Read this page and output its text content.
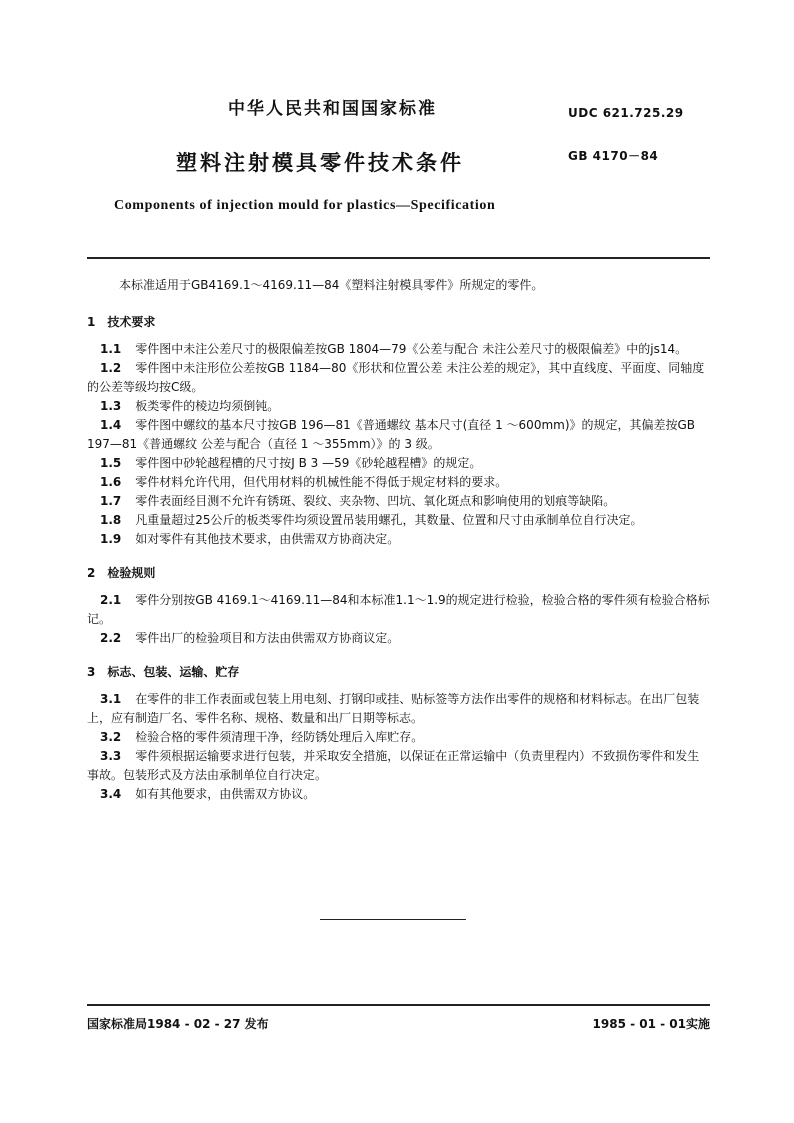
中华人民共和国国家标准	UDC 621.725.29
塑料注射模具零件技术条件	GB 4170－84
Components of injection mould for plastics—Specification

本标准适用于GB4169.1～4169.11—84《塑料注射模具零件》所规定的零件。

1　技术要求

1.1 零件图中未注公差尺寸的极限偏差按GB 1804—79《公差与配合 未注公差尺寸的极限偏差》中的js14。

1.2 零件图中未注形位公差按GB 1184—80《形状和位置公差 未注公差的规定》，其中直线度、平面度、同轴度的公差等级均按C级。

1.3 板类零件的棱边均须倒钝。

1.4 零件图中螺纹的基本尺寸按GB 196—81《普通螺纹 基本尺寸(直径 1 ～600mm)》的规定，其偏差按GB 197—81《普通螺纹 公差与配合（直径 1 ～355mm）》的 3 级。

1.5 零件图中砂轮越程槽的尺寸按J B 3 —59《砂轮越程槽》的规定。

1.6 零件材料允许代用，但代用材料的机械性能不得低于规定材料的要求。

1.7 零件表面经目测不允许有锈斑、裂纹、夹杂物、凹坑、氧化斑点和影响使用的划痕等缺陷。

1.8 凡重量超过25公斤的板类零件均须设置吊装用螺孔，其数量、位置和尺寸由承制单位自行决定。

1.9 如对零件有其他技术要求，由供需双方协商决定。

2　检验规则

2.1 零件分别按GB 4169.1～4169.11—84和本标准1.1～1.9的规定进行检验，检验合格的零件须有检验合格标记。

2.2 零件出厂的检验项目和方法由供需双方协商议定。

3　标志、包装、运输、贮存

3.1 在零件的非工作表面或包装上用电刻、打钢印或挂、贴标签等方法作出零件的规格和材料标志。在出厂包装上，应有制造厂名、零件名称、规格、数量和出厂日期等标志。

3.2 检验合格的零件须清理干净，经防锈处理后入库贮存。

3.3 零件须根据运输要求进行包装，并采取安全措施，以保证在正常运输中（负责里程内）不致损伤零件和发生事故。包装形式及方法由承制单位自行决定。

3.4 如有其他要求，由供需双方协议。

国家标准局1984 - 02 - 27 发布	1985 - 01 - 01实施
